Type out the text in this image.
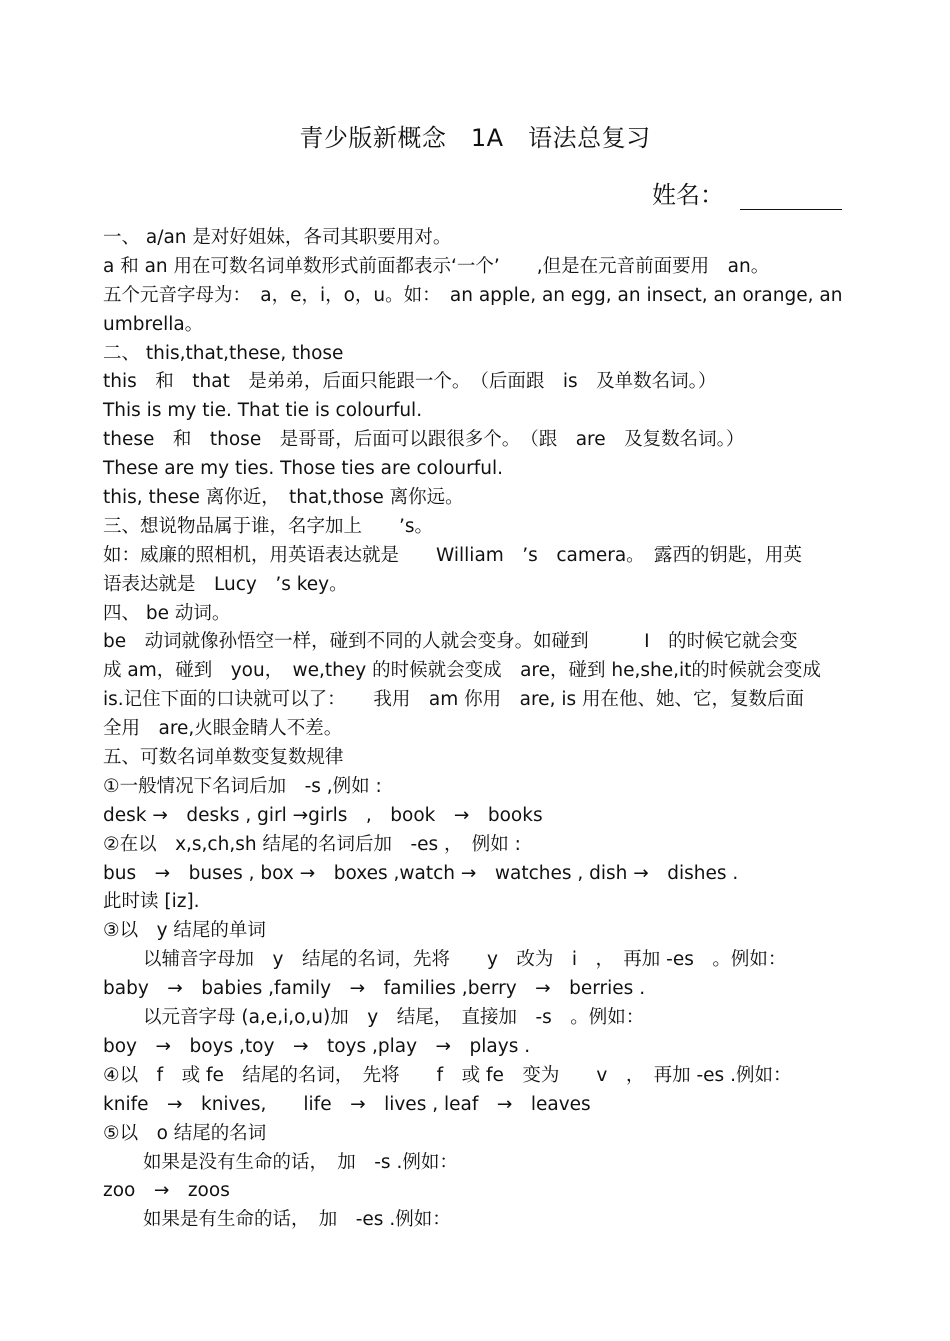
青少版新概念　1A　语法总复习
姓名：
一、 a/an 是对好姐妹，各司其职要用对。
a 和 an 用在可数名词单数形式前面都表示‘一个’　　,但是在元音前面要用　an。
五个元音字母为：　a，e，i，o，u。如：　an apple, an egg, an insect, an orange, an
umbrella。
二、 this,that,these, those
this　和　that　是弟弟，后面只能跟一个。　（后面跟　is　及单数名词。）
This is my tie. That tie is colourful.
these　和　those　是哥哥，后面可以跟很多个。　（跟　are　及复数名词。）
These are my ties. Those ties are colourful.
this, these 离你近，　that,those 离你远。
三、想说物品属于谁，名字加上　　’s。
如：威廉的照相机，用英语表达就是　　William　’s　camera。　露西的钥匙，用英
语表达就是　Lucy　’s key。
四、 be 动词。
be　动词就像孙悟空一样，碰到不同的人就会变身。如碰到　　　I　的时候它就会变
成 am，碰到　you，　we,they 的时候就会变成　are，碰到 he,she,it的时候就会变成
is.记住下面的口诀就可以了：　　我用　am 你用　are, is 用在他、她、它，复数后面
全用　are,火眼金睛人不差。
五、可数名词单数变复数规律
①一般情况下名词后加　-s ,例如 :
desk →　desks , girl →girls　,　book　→　books
②在以　x,s,ch,sh 结尾的名词后加　-es ，　例如 :
bus　→　buses , box →　boxes ,watch →　watches , dish →　dishes .
此时读 [iz].
③以　y 结尾的单词
以辅音字母加　y　结尾的名词，先将　　y　改为　i　，　再加 -es　。例如：
baby　→　babies ,family　→　families ,berry　→　berries .
以元音字母 (a,e,i,o,u)加　y　结尾，　直接加　-s　。例如：
boy　→　boys ,toy　→　toys ,play　→　plays .
④以　f　或 fe　结尾的名词，　先将　　f　或 fe　变为　　v　，　再加 -es .例如：
knife　→　knives,　　life　→　lives , leaf　→　leaves
⑤以　o 结尾的名词
如果是没有生命的话，　加　-s .例如：
zoo　→　zoos
如果是有生命的话，　加　-es .例如：
